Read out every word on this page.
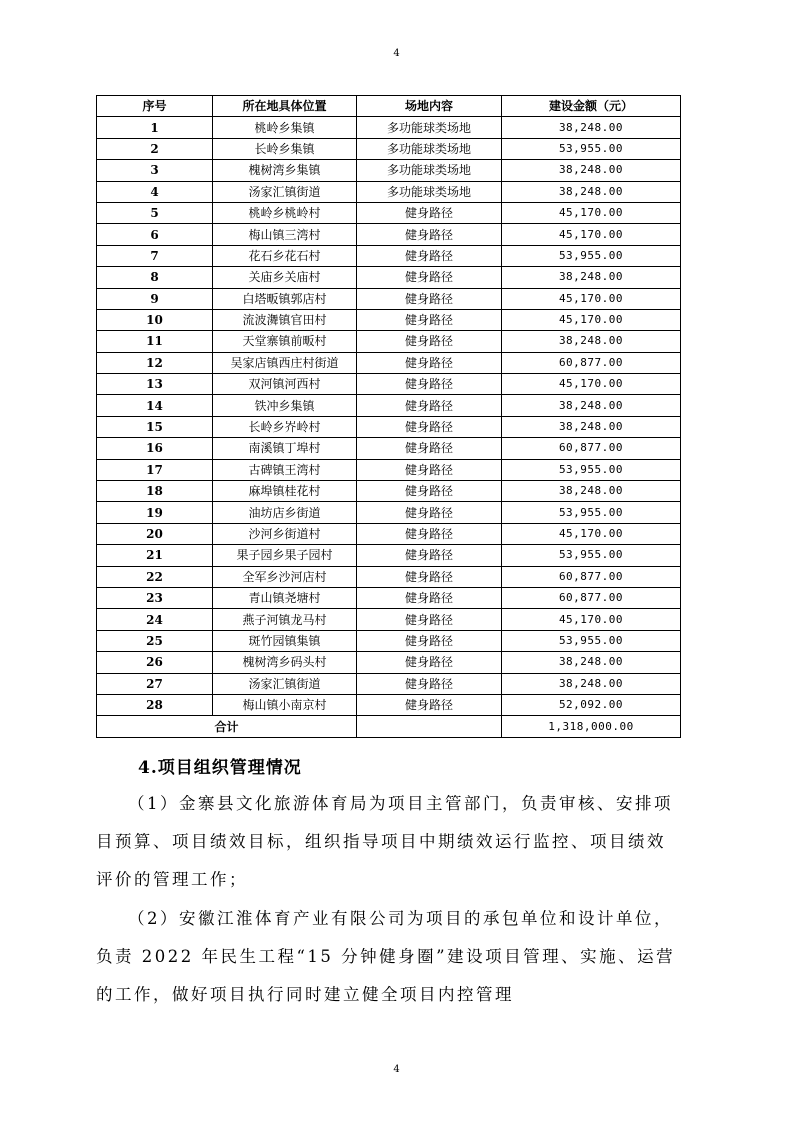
4
序号	所在地具体位置	场地内容	建设金额（元）
1	桃岭乡集镇	多功能球类场地	38,248.00
2	长岭乡集镇	多功能球类场地	53,955.00
3	槐树湾乡集镇	多功能球类场地	38,248.00
4	汤家汇镇街道	多功能球类场地	38,248.00
5	桃岭乡桃岭村	健身路径	45,170.00
6	梅山镇三湾村	健身路径	45,170.00
7	花石乡花石村	健身路径	53,955.00
8	关庙乡关庙村	健身路径	38,248.00
9	白塔畈镇郭店村	健身路径	45,170.00
10	流波㵲镇官田村	健身路径	45,170.00
11	天堂寨镇前畈村	健身路径	38,248.00
12	吴家店镇西庄村街道	健身路径	60,877.00
13	双河镇河西村	健身路径	45,170.00
14	铁冲乡集镇	健身路径	38,248.00
15	长岭乡岕岭村	健身路径	38,248.00
16	南溪镇丁埠村	健身路径	60,877.00
17	古碑镇王湾村	健身路径	53,955.00
18	麻埠镇桂花村	健身路径	38,248.00
19	油坊店乡街道	健身路径	53,955.00
20	沙河乡街道村	健身路径	45,170.00
21	果子园乡果子园村	健身路径	53,955.00
22	全军乡沙河店村	健身路径	60,877.00
23	青山镇尧塘村	健身路径	60,877.00
24	燕子河镇龙马村	健身路径	45,170.00
25	斑竹园镇集镇	健身路径	53,955.00
26	槐树湾乡码头村	健身路径	38,248.00
27	汤家汇镇街道	健身路径	38,248.00
28	梅山镇小南京村	健身路径	52,092.00
合计			1,318,000.00
4.项目组织管理情况

（1）金寨县文化旅游体育局为项目主管部门，负责审核、安排项目预算、项目绩效目标，组织指导项目中期绩效运行监控、项目绩效评价的管理工作；

（2）安徽江淮体育产业有限公司为项目的承包单位和设计单位，负责 2022 年民生工程“15 分钟健身圈”建设项目管理、实施、运营的工作，做好项目执行同时建立健全项目内控管理

4
